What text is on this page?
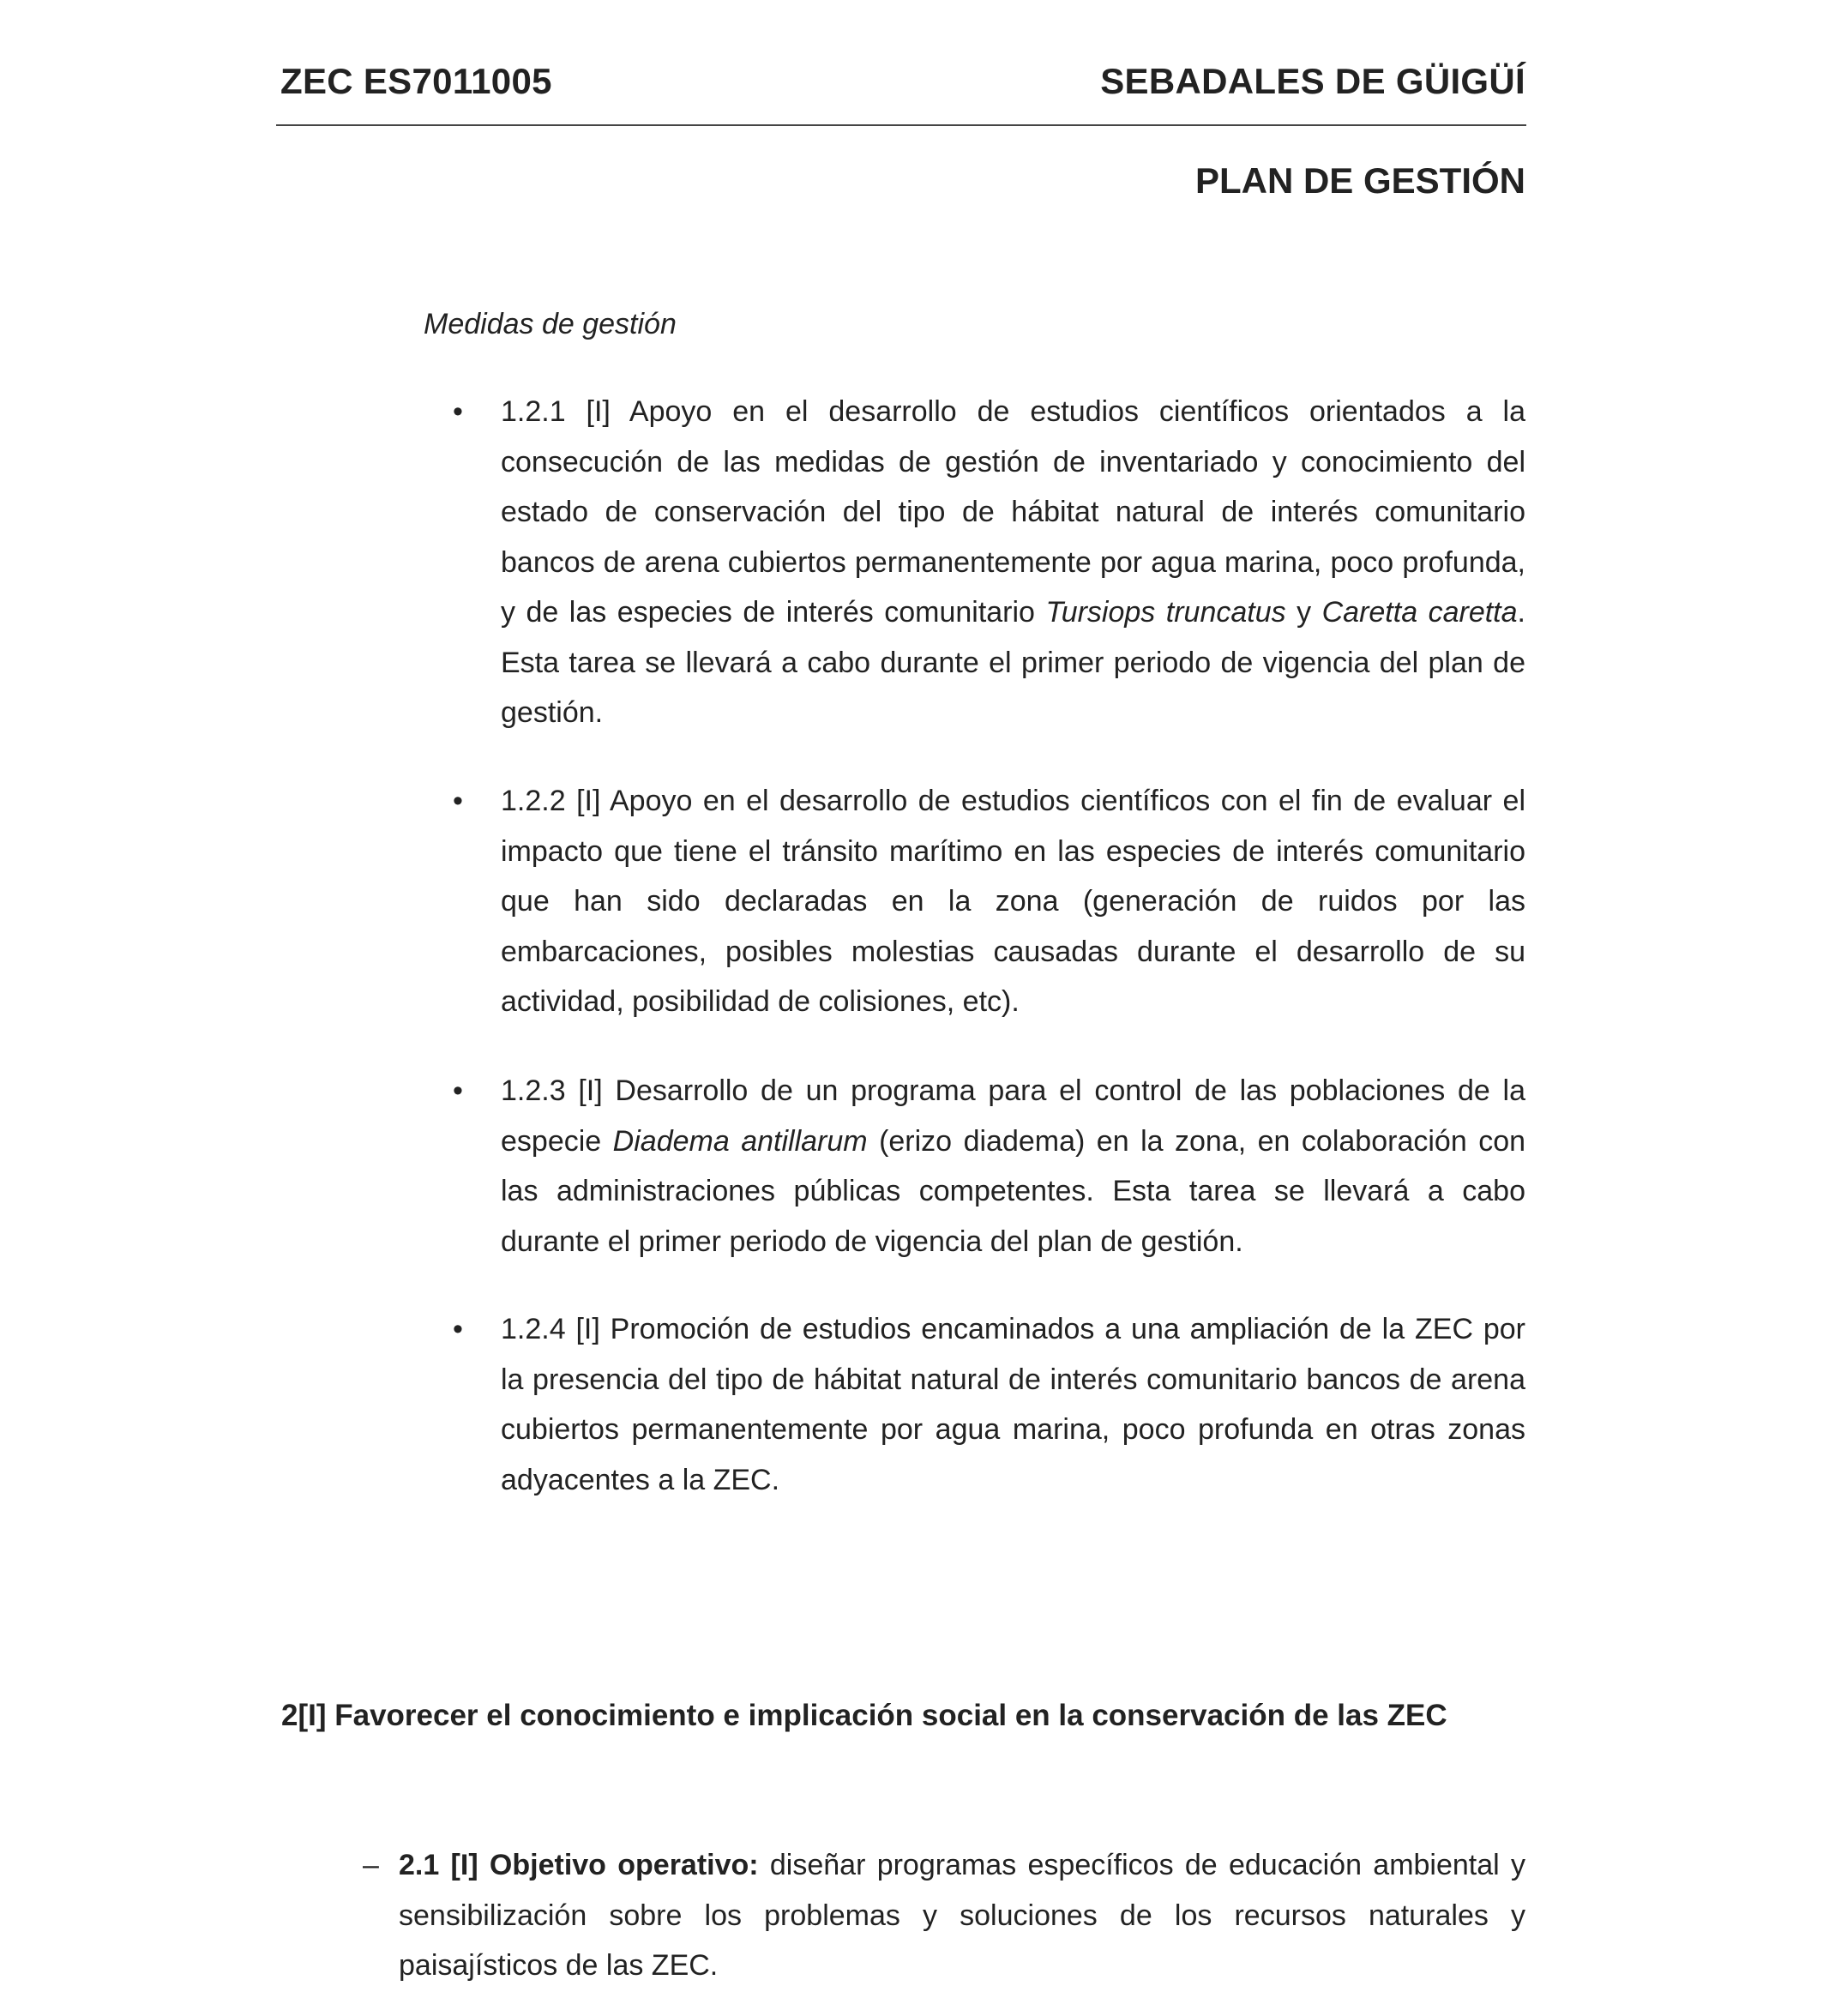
ZEC ES7011005	SEBADALES DE GÜIGÜÍ
PLAN DE GESTIÓN
Medidas de gestión
•	1.2.1 [I] Apoyo en el desarrollo de estudios científicos orientados a la consecución de las medidas de gestión de inventariado y conocimiento del estado de conservación del tipo de hábitat natural de interés comunitario bancos de arena cubiertos permanentemente por agua marina, poco profunda, y de las especies de interés comunitario Tursiops truncatus y Caretta caretta. Esta tarea se llevará a cabo durante el primer periodo de vigencia del plan de gestión.
•	1.2.2 [I] Apoyo en el desarrollo de estudios científicos con el fin de evaluar el impacto que tiene el tránsito marítimo en las especies de interés comunitario que han sido declaradas en la zona (generación de ruidos por las embarcaciones, posibles molestias causadas durante el desarrollo de su actividad, posibilidad de colisiones, etc).
•	1.2.3 [I] Desarrollo de un programa para el control de las poblaciones de la especie Diadema antillarum (erizo diadema) en la zona, en colaboración con las administraciones públicas competentes. Esta tarea se llevará a cabo durante el primer periodo de vigencia del plan de gestión.
•	1.2.4 [I] Promoción de estudios encaminados a una ampliación de la ZEC por la presencia del tipo de hábitat natural de interés comunitario bancos de arena cubiertos permanentemente por agua marina, poco profunda en otras zonas adyacentes a la ZEC.
2[I] Favorecer el conocimiento e implicación social en la conservación de las ZEC
– 2.1 [I] Objetivo operativo: diseñar programas específicos de educación ambiental y sensibilización sobre los problemas y soluciones de los recursos naturales y paisajísticos de las ZEC.
